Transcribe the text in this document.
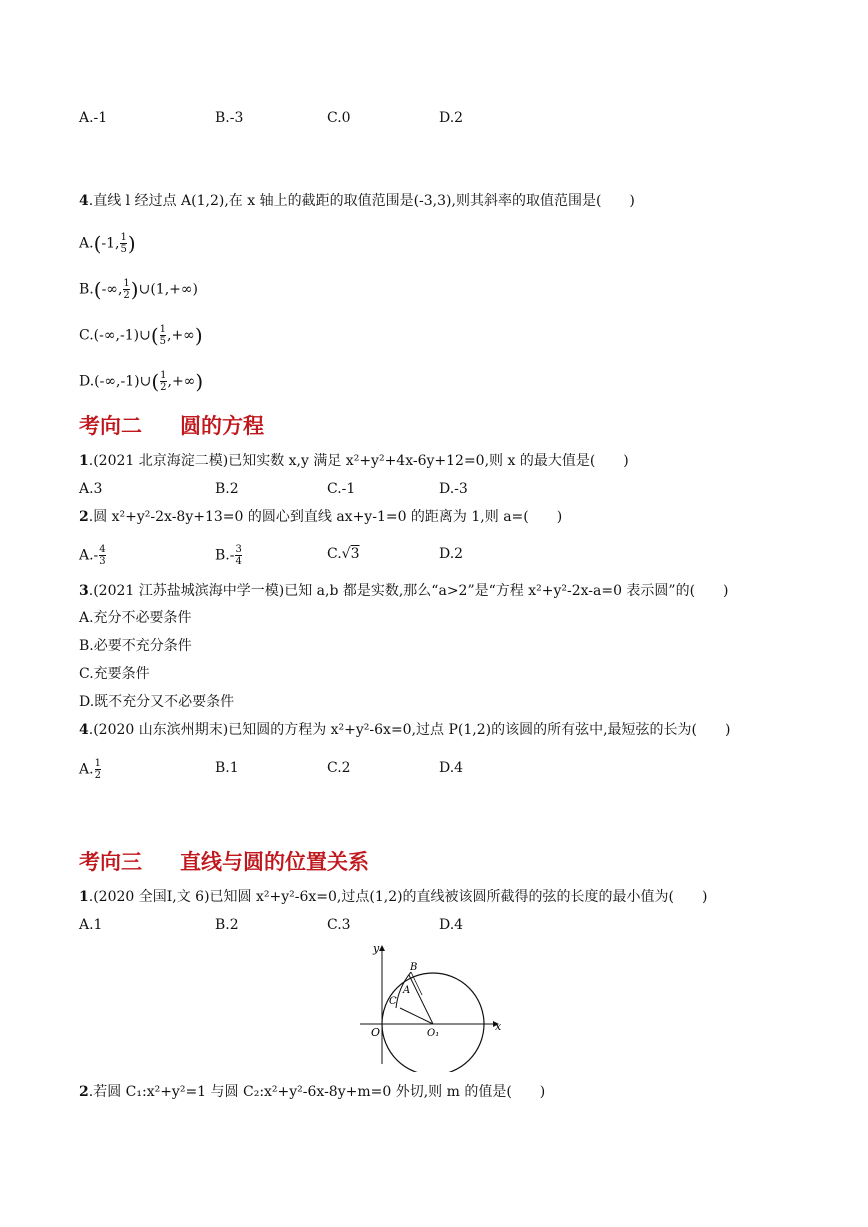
A.-1	B.-3	C.0	D.2
4.直线 l 经过点 A(1,2),在 x 轴上的截距的取值范围是(-3,3),则其斜率的取值范围是(　　)
A.(-1, $\frac{1}{5}$ )
B.(-∞, $\frac{1}{2}$ )∪(1,+∞)
C.(-∞,-1)∪( $\frac{1}{5}$ ,+∞)
D.(-∞,-1)∪( $\frac{1}{2}$ ,+∞)
考向二 圆的方程
1.(2021 北京海淀二模)已知实数 x,y 满足 x²+y²+4x-6y+12=0,则 x 的最大值是(　　)
A.3	B.2	C.-1	D.-3
2.圆 x²+y²-2x-8y+13=0 的圆心到直线 ax+y-1=0 的距离为 1,则 a=(　　)
$A.- \frac{4}{3}$	$B.- \frac{3}{4}$	C.√3	D.2
3.(2021 江苏盐城滨海中学一模)已知 a,b 都是实数,那么“a>2”是“方程 x²+y²-2x-a=0 表示圆”的(　　)
A.充分不必要条件
B.必要不充分条件
C.充要条件
D.既不充分又不必要条件
4.(2020 山东滨州期末)已知圆的方程为 x²+y²-6x=0,过点 P(1,2)的该圆的所有弦中,最短弦的长为(　　)
A. $\frac{1}{2}$	B.1	C.2	D.4
考向三 直线与圆的位置关系
1.(2020 全国Ⅰ,文 6)已知圆 x²+y²-6x=0,过点(1,2)的直线被该圆所截得的弦的长度的最小值为(　　)
A.1	B.2	C.3	D.4
y
x
O	O₁
B
A
C
2.若圆 C₁:x²+y²=1 与圆 C₂:x²+y²-6x-8y+m=0 外切,则 m 的值是(　　)
